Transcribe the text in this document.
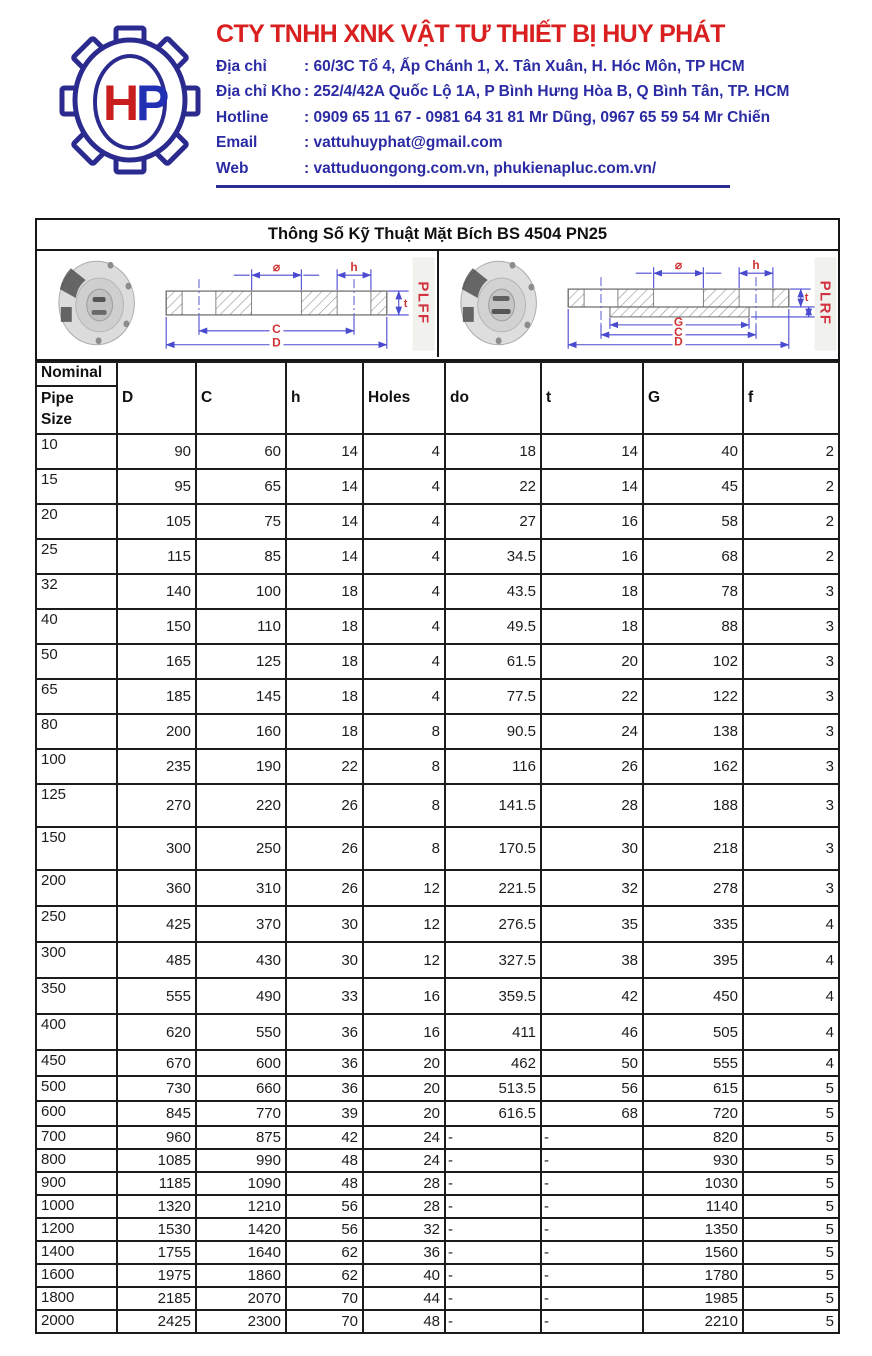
H
P
CTY TNHH XNK VẬT TƯ THIẾT BỊ HUY PHÁT
Địa chỉ	: 60/3C Tổ 4, Ấp Chánh 1, X. Tân Xuân, H. Hóc Môn, TP HCM
Địa chỉ Kho : 252/4/42A Quốc Lộ 1A, P Bình Hưng Hòa B, Q Bình Tân, TP. HCM
Hotline	: 0909 65 11 67 - 0981 64 31 81 Mr Dũng, 0967 65 59 54 Mr Chiến
Email	: vattuhuyphat@gmail.com
Web	: vattuduongong.com.vn, phukienapluc.com.vn/
Thông Số Kỹ Thuật Mặt Bích BS 4504 PN25
⌀	h
t
C
D
PLFF
⌀	h
t
G
C
D
PLRF
Nominal
Pipe
Size	D	C	h	Holes	do	t	G	f
10	90	60	14	4	18	14	40	2
15	95	65	14	4	22	14	45	2
20	105	75	14	4	27	16	58	2
25	115	85	14	4	34.5	16	68	2
32	140	100	18	4	43.5	18	78	3
40	150	110	18	4	49.5	18	88	3
50	165	125	18	4	61.5	20	102	3
65	185	145	18	4	77.5	22	122	3
80	200	160	18	8	90.5	24	138	3
100	235	190	22	8	116	26	162	3
125	270	220	26	8	141.5	28	188	3
150	300	250	26	8	170.5	30	218	3
200	360	310	26	12	221.5	32	278	3
250	425	370	30	12	276.5	35	335	4
300	485	430	30	12	327.5	38	395	4
350	555	490	33	16	359.5	42	450	4
400	620	550	36	16	411	46	505	4
450	670	600	36	20	462	50	555	4
500	730	660	36	20	513.5	56	615	5
600	845	770	39	20	616.5	68	720	5
700	960	875	42	24	-	-	820	5
800	1085	990	48	24	-	-	930	5
900	1185	1090	48	28	-	-	1030	5
1000	1320	1210	56	28	-	-	1140	5
1200	1530	1420	56	32	-	-	1350	5
1400	1755	1640	62	36	-	-	1560	5
1600	1975	1860	62	40	-	-	1780	5
1800	2185	2070	70	44	-	-	1985	5
2000	2425	2300	70	48	-	-	2210	5
